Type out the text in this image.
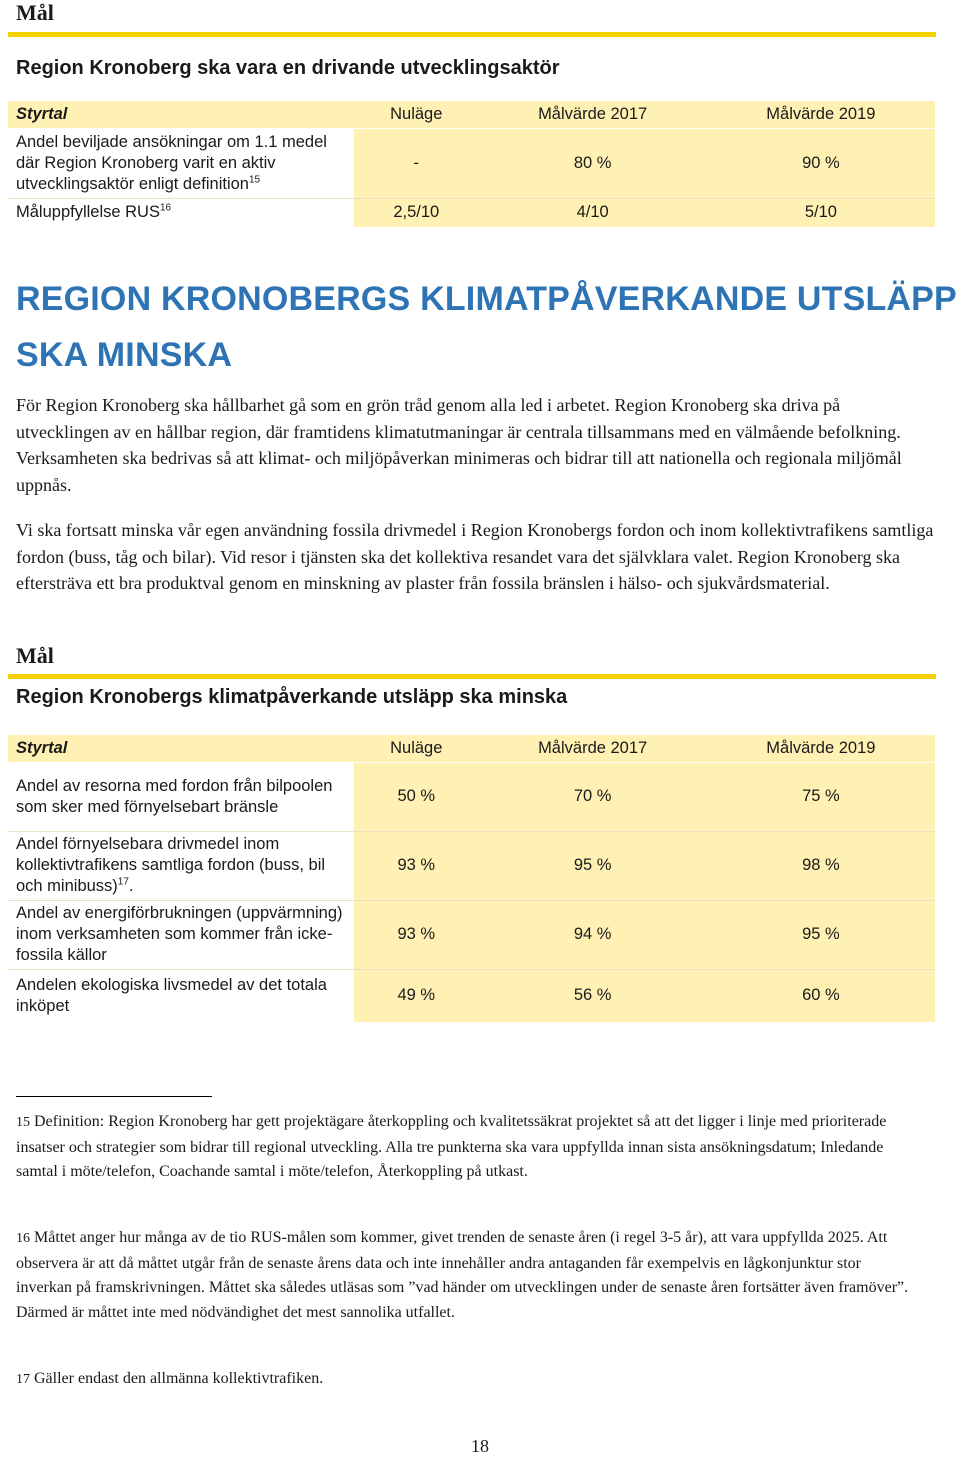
Mål
Region Kronoberg ska vara en drivande utvecklingsaktör
Styrtal	Nuläge	Målvärde 2017	Målvärde 2019
Andel beviljade ansökningar om 1.1 medel där Region Kronoberg varit en aktiv utvecklingsaktör enligt definition$^{15}$	-	80 %	90 %
Måluppfyllelse RUS$^{16}$	2,5/10	4/10	5/10
REGION KRONOBERGS KLIMATPÅVERKANDE UTSLÄPP
SKA MINSKA

För Region Kronoberg ska hållbarhet gå som en grön tråd genom alla led i arbetet. Region Kronoberg ska driva på utvecklingen av en hållbar region, där framtidens klimatutmaningar är centrala tillsammans med en välmående befolkning. Verksamheten ska bedrivas så att klimat- och miljöpåverkan minimeras och bidrar till att nationella och regionala miljömål uppnås.

Vi ska fortsatt minska vår egen användning fossila drivmedel i Region Kronobergs fordon och inom kollektivtrafikens samtliga fordon (buss, tåg och bilar). Vid resor i tjänsten ska det kollektiva resandet vara det självklara valet. Region Kronoberg ska eftersträva ett bra produktval genom en minskning av plaster från fossila bränslen i hälso- och sjukvårdsmaterial.

Mål
Region Kronobergs klimatpåverkande utsläpp ska minska
Styrtal	Nuläge	Målvärde 2017	Målvärde 2019
Andel av resorna med fordon från bilpoolen som sker med förnyelsebart bränsle	50 %	70 %	75 %
Andel förnyelsebara drivmedel inom kollektivtrafikens samtliga fordon (buss, bil och minibuss)$^{17}$.	93 %	95 %	98 %
Andel av energiförbrukningen (uppvärmning) inom verksamheten som kommer från icke-fossila källor	93 %	94 %	95 %
Andelen ekologiska livsmedel av det totala inköpet	49 %	56 %	60 %

15 Definition: Region Kronoberg har gett projektägare återkoppling och kvalitetssäkrat projektet så att det ligger i linje med prioriterade insatser och strategier som bidrar till regional utveckling. Alla tre punkterna ska vara uppfyllda innan sista ansökningsdatum; Inledande samtal i möte/telefon, Coachande samtal i möte/telefon, Återkoppling på utkast.

16 Måttet anger hur många av de tio RUS-målen som kommer, givet trenden de senaste åren (i regel 3-5 år), att vara uppfyllda 2025. Att observera är att då måttet utgår från de senaste årens data och inte innehåller andra antaganden får exempelvis en lågkonjunktur stor inverkan på framskrivningen. Måttet ska således utläsas som ”vad händer om utvecklingen under de senaste åren fortsätter även framöver”. Därmed är måttet inte med nödvändighet det mest sannolika utfallet.

17 Gäller endast den allmänna kollektivtrafiken.

18
